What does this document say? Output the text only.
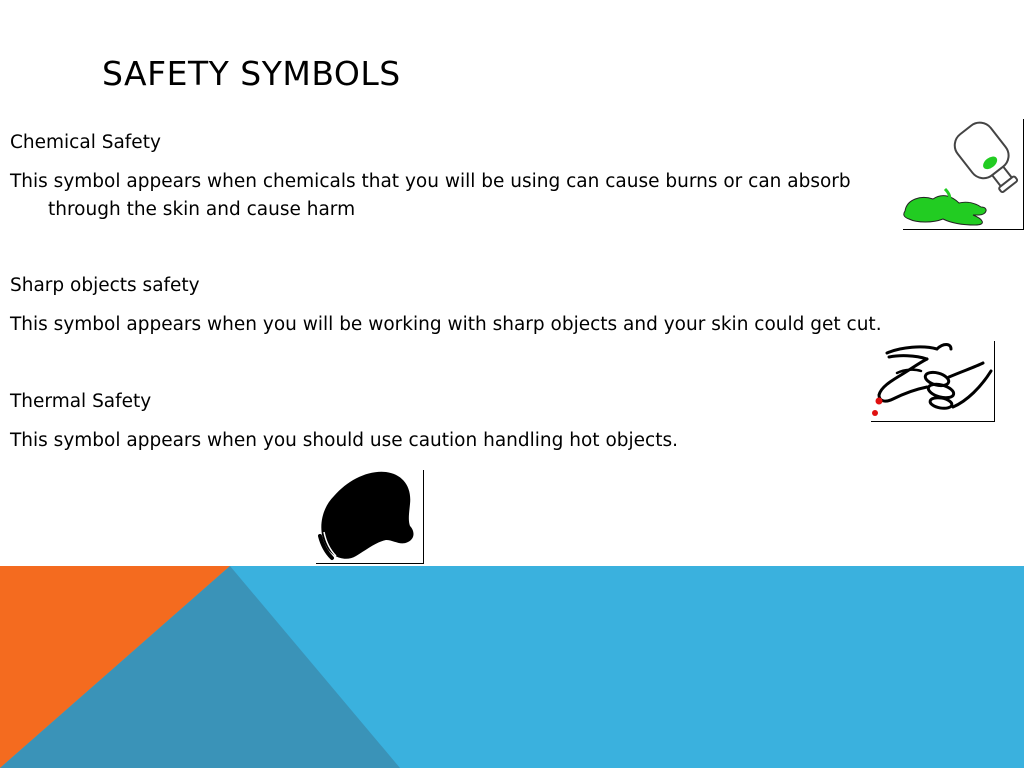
SAFETY SYMBOLS

Chemical Safety

This symbol appears when chemicals that you will be using can cause burns or can absorb through the skin and cause harm

Sharp objects safety

This symbol appears when you will be working with sharp objects and your skin could get cut.

Thermal Safety

This symbol appears when you should use caution handling hot objects.
